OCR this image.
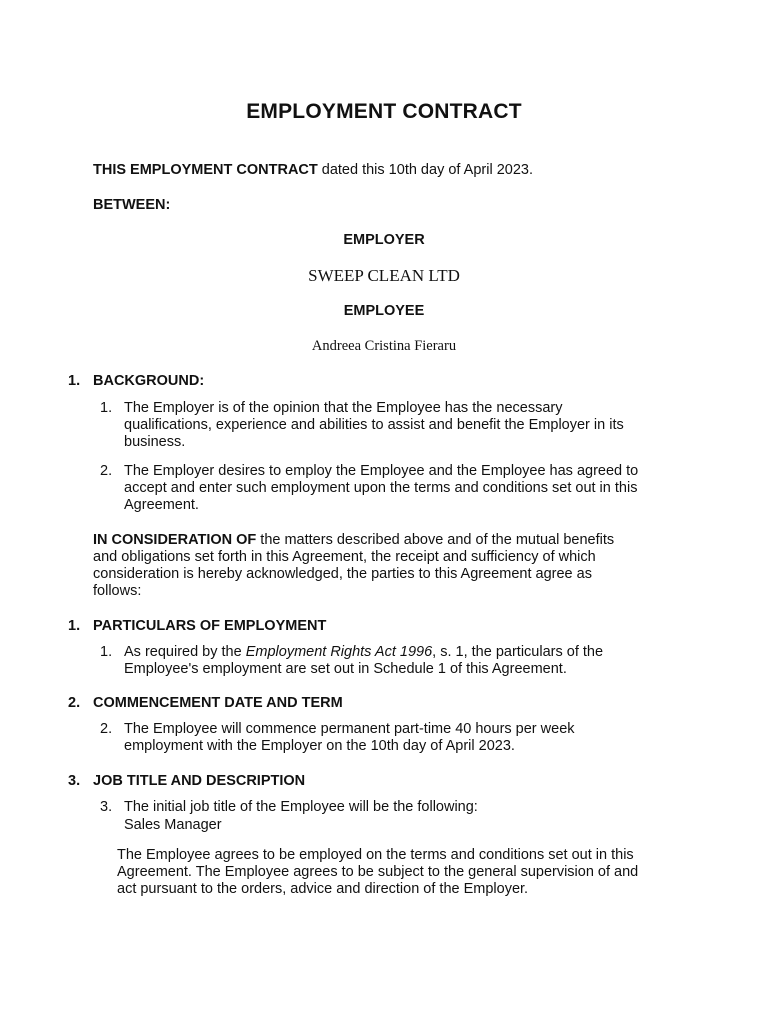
EMPLOYMENT CONTRACT
THIS EMPLOYMENT CONTRACT dated this 10th day of April 2023.
BETWEEN:
EMPLOYER
SWEEP CLEAN LTD
EMPLOYEE
Andreea Cristina Fieraru
1. BACKGROUND:
1. The Employer is of the opinion that the Employee has the necessary
qualifications, experience and abilities to assist and benefit the Employer in its
business.
2. The Employer desires to employ the Employee and the Employee has agreed to
accept and enter such employment upon the terms and conditions set out in this
Agreement.
IN CONSIDERATION OF the matters described above and of the mutual benefits
and obligations set forth in this Agreement, the receipt and sufficiency of which
consideration is hereby acknowledged, the parties to this Agreement agree as
follows:
1. PARTICULARS OF EMPLOYMENT
1. As required by the Employment Rights Act 1996, s. 1, the particulars of the
Employee's employment are set out in Schedule 1 of this Agreement.
2. COMMENCEMENT DATE AND TERM
2. The Employee will commence permanent part-time 40 hours per week
employment with the Employer on the 10th day of April 2023.
3. JOB TITLE AND DESCRIPTION
3. The initial job title of the Employee will be the following:
Sales Manager
The Employee agrees to be employed on the terms and conditions set out in this
Agreement. The Employee agrees to be subject to the general supervision of and
act pursuant to the orders, advice and direction of the Employer.
